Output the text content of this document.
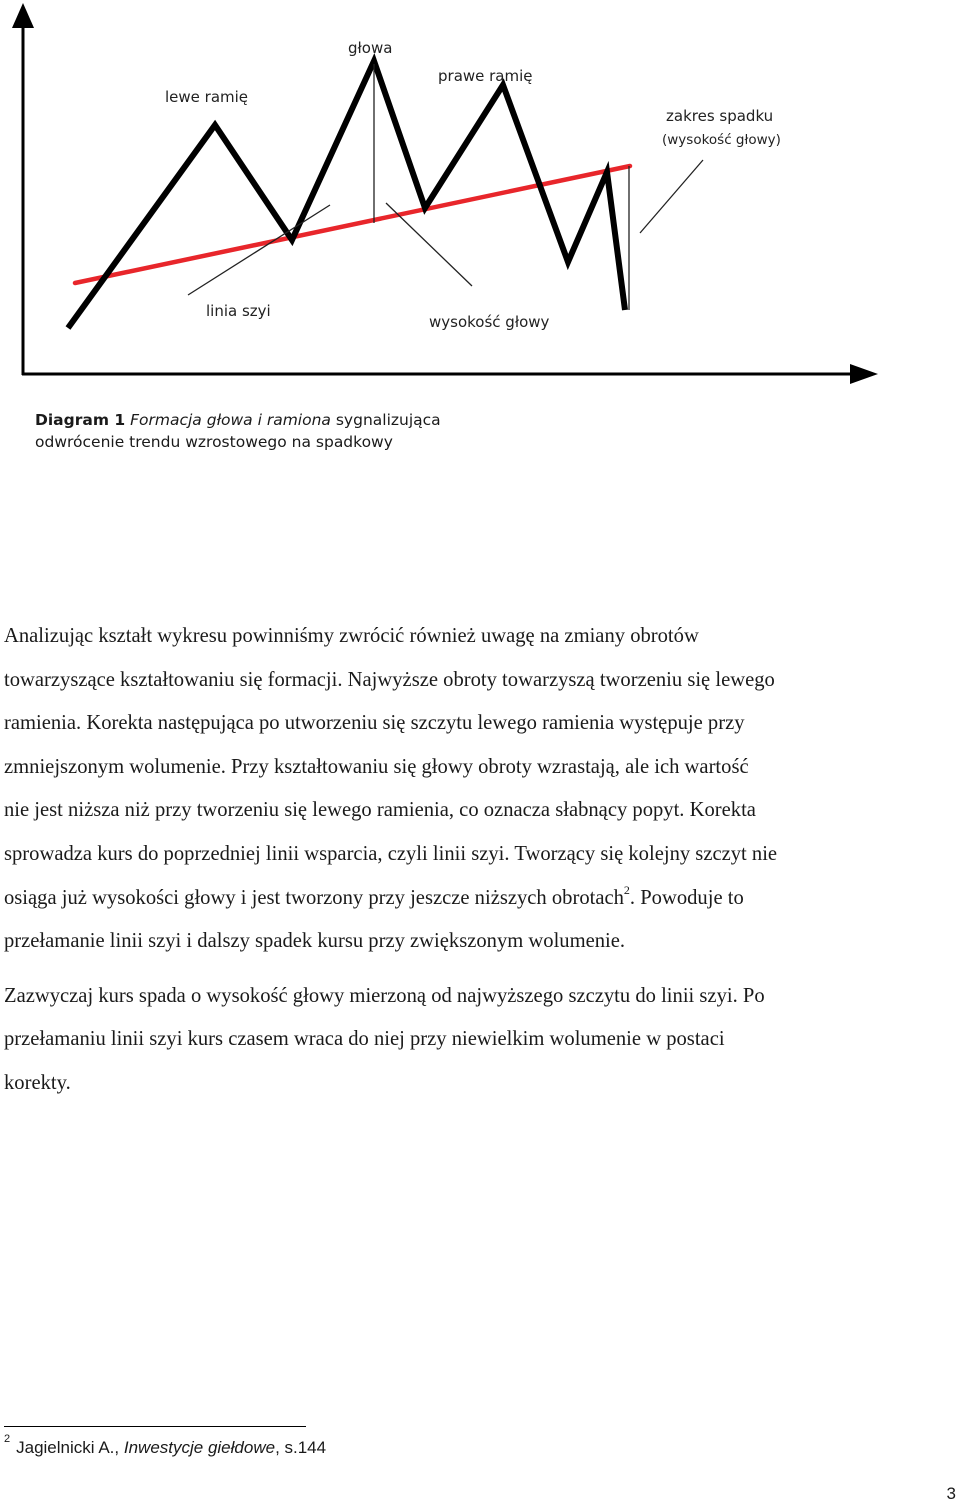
głowa
lewe ramię
prawe ramię
zakres spadku
(wysokość głowy)
linia szyi
wysokość głowy
Diagram 1 Formacja głowa i ramiona sygnalizująca
odwrócenie trendu wzrostowego na spadkowy

Analizując kształt wykresu powinniśmy zwrócić również uwagę na zmiany obrotów
towarzyszące kształtowaniu się formacji. Najwyższe obroty towarzyszą tworzeniu się lewego
ramienia. Korekta następująca po utworzeniu się szczytu lewego ramienia występuje przy
zmniejszonym wolumenie. Przy kształtowaniu się głowy obroty wzrastają, ale ich wartość
nie jest niższa niż przy tworzeniu się lewego ramienia, co oznacza słabnący popyt. Korekta
sprowadza kurs do poprzedniej linii wsparcia, czyli linii szyi. Tworzący się kolejny szczyt nie
osiąga już wysokości głowy i jest tworzony przy jeszcze niższych obrotach$^2$. Powoduje to
przełamanie linii szyi i dalszy spadek kursu przy zwiększonym wolumenie.

Zazwyczaj kurs spada o wysokość głowy mierzoną od najwyższego szczytu do linii szyi. Po
przełamaniu linii szyi kurs czasem wraca do niej przy niewielkim wolumenie w postaci
korekty.

$^2$ Jagielnicki A., Inwestycje giełdowe, s.144
3
